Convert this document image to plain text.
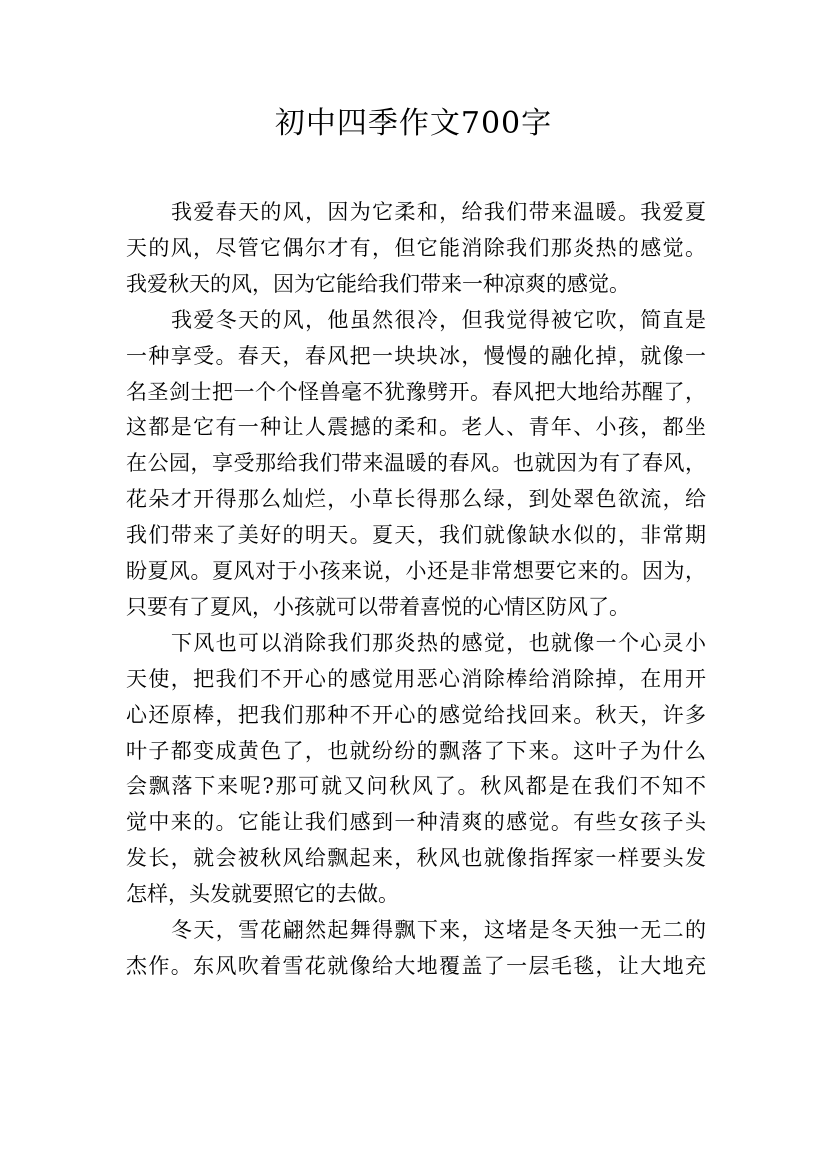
初中四季作文700字
我爱春天的风，因为它柔和，给我们带来温暖。我爱夏
天的风，尽管它偶尔才有，但它能消除我们那炎热的感觉。
我爱秋天的风，因为它能给我们带来一种凉爽的感觉。
我爱冬天的风，他虽然很冷，但我觉得被它吹，简直是
一种享受。春天，春风把一块块冰，慢慢的融化掉，就像一
名圣剑士把一个个怪兽毫不犹豫劈开。春风把大地给苏醒了，
这都是它有一种让人震撼的柔和。老人、青年、小孩，都坐
在公园，享受那给我们带来温暖的春风。也就因为有了春风，
花朵才开得那么灿烂，小草长得那么绿，到处翠色欲流，给
我们带来了美好的明天。夏天，我们就像缺水似的，非常期
盼夏风。夏风对于小孩来说，小还是非常想要它来的。因为，
只要有了夏风，小孩就可以带着喜悦的心情区防风了。
下风也可以消除我们那炎热的感觉，也就像一个心灵小
天使，把我们不开心的感觉用恶心消除棒给消除掉，在用开
心还原棒，把我们那种不开心的感觉给找回来。秋天，许多
叶子都变成黄色了，也就纷纷的飘落了下来。这叶子为什么
会飘落下来呢?那可就又问秋风了。秋风都是在我们不知不
觉中来的。它能让我们感到一种清爽的感觉。有些女孩子头
发长，就会被秋风给飘起来，秋风也就像指挥家一样要头发
怎样，头发就要照它的去做。
冬天，雪花翩然起舞得飘下来，这堵是冬天独一无二的
杰作。东风吹着雪花就像给大地覆盖了一层毛毯，让大地充
